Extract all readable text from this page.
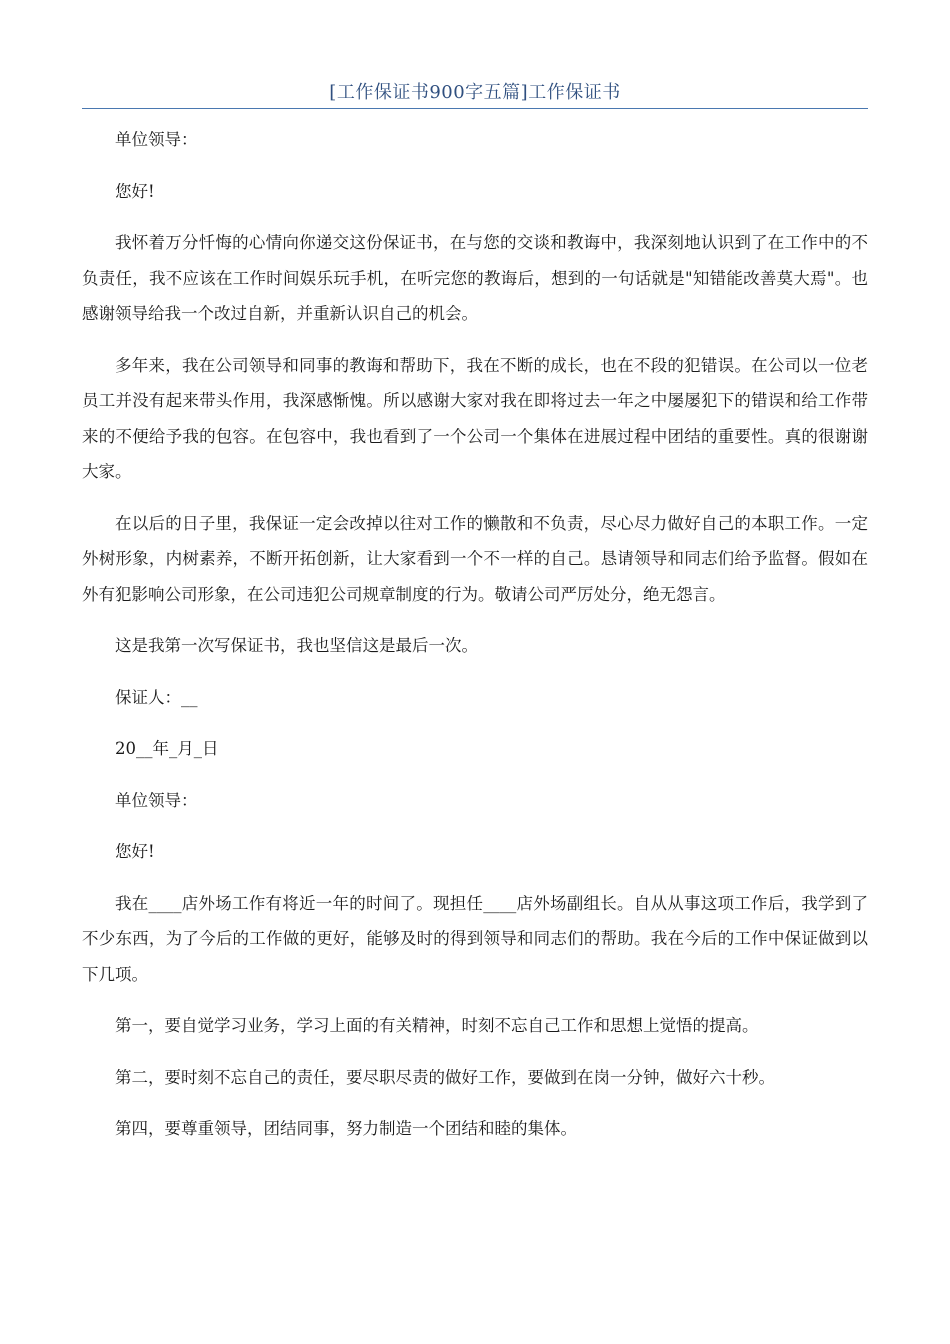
[工作保证书900字五篇]工作保证书

单位领导：

您好!

我怀着万分忏悔的心情向你递交这份保证书，在与您的交谈和教诲中，我深刻地认识到了在工作中的不负责任，我不应该在工作时间娱乐玩手机，在听完您的教诲后，想到的一句话就是"知错能改善莫大焉"。也感谢领导给我一个改过自新，并重新认识自己的机会。

多年来，我在公司领导和同事的教诲和帮助下，我在不断的成长，也在不段的犯错误。在公司以一位老员工并没有起来带头作用，我深感惭愧。所以感谢大家对我在即将过去一年之中屡屡犯下的错误和给工作带来的不便给予我的包容。在包容中，我也看到了一个公司一个集体在进展过程中团结的重要性。真的很谢谢大家。

在以后的日子里，我保证一定会改掉以往对工作的懒散和不负责，尽心尽力做好自己的本职工作。一定外树形象，内树素养，不断开拓创新，让大家看到一个不一样的自己。恳请领导和同志们给予监督。假如在外有犯影响公司形象，在公司违犯公司规章制度的行为。敬请公司严厉处分，绝无怨言。

这是我第一次写保证书，我也坚信这是最后一次。

保证人：__

20__年_月_日

单位领导：

您好!

我在____店外场工作有将近一年的时间了。现担任____店外场副组长。自从从事这项工作后，我学到了不少东西，为了今后的工作做的更好，能够及时的得到领导和同志们的帮助。我在今后的工作中保证做到以下几项。

第一，要自觉学习业务，学习上面的有关精神，时刻不忘自己工作和思想上觉悟的提高。

第二，要时刻不忘自己的责任，要尽职尽责的做好工作，要做到在岗一分钟，做好六十秒。

第四，要尊重领导，团结同事，努力制造一个团结和睦的集体。
